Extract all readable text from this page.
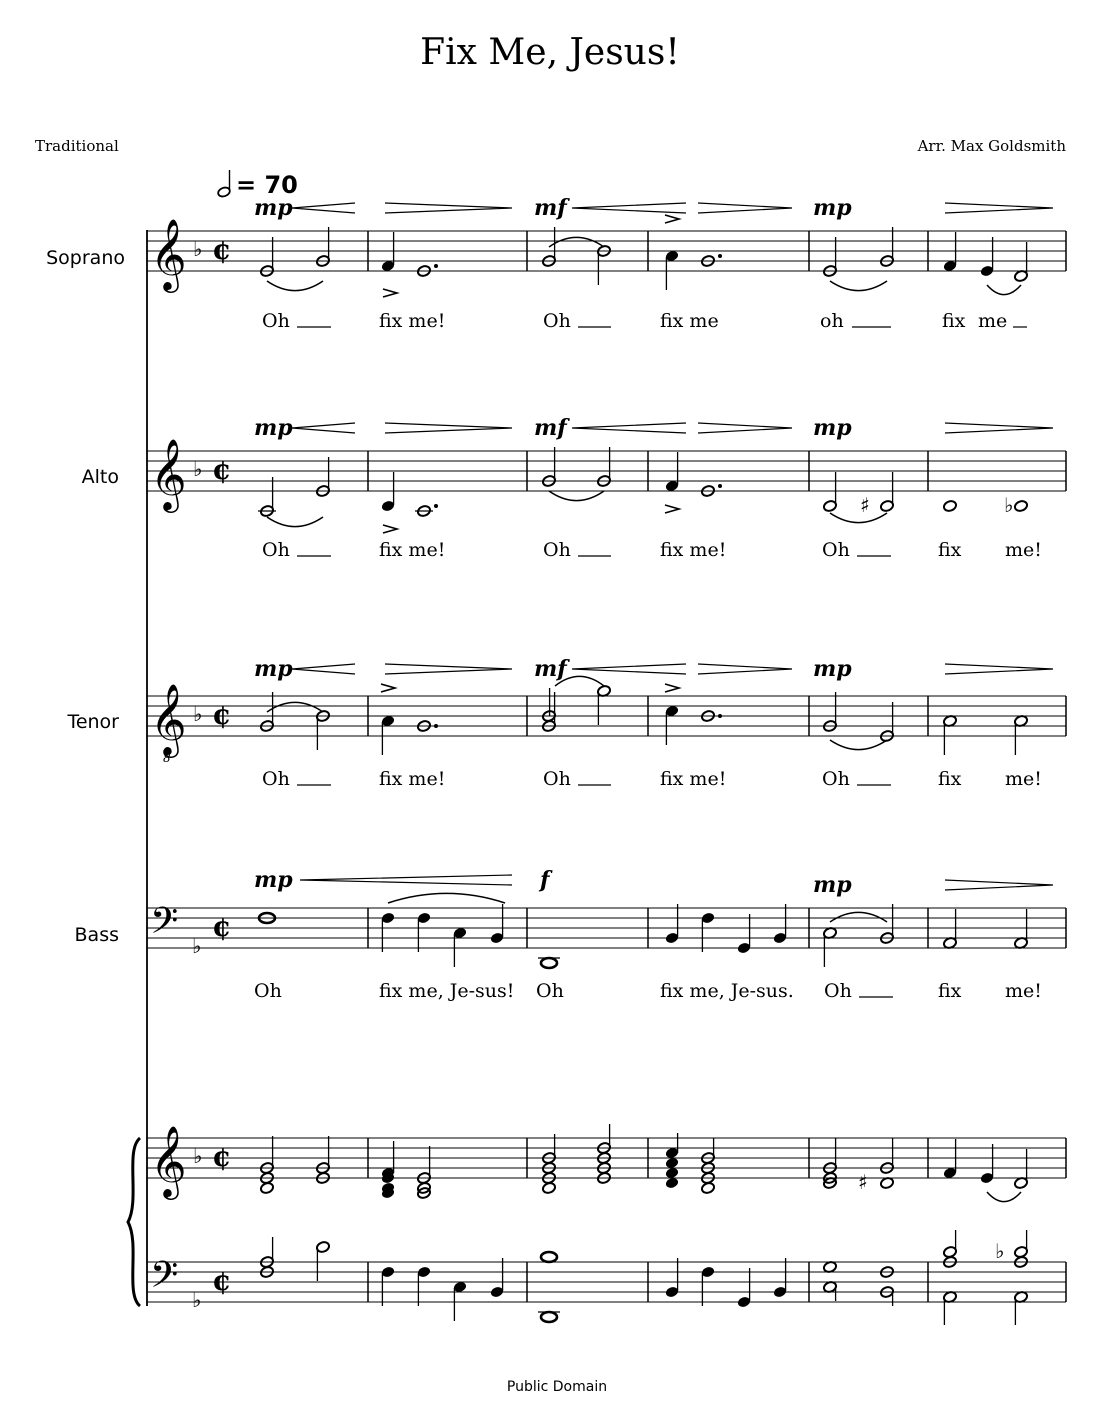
Fix Me, Jesus!
Traditional	Arr. Max Goldsmith
= 70
Soprano
Alto
Tenor
Bass
𝄞 ♭ ¢
mp	mf	mp
Oh	fix me!	Oh	fix me	oh	fix me
𝄞 ♭ ¢
mp	mf	mp
♯	♭
Oh	fix me!	Oh	fix me!	Oh	fix me!
𝄞
8
♭ ¢
mp	mf	mp
Oh	fix me!	Oh	fix me!	Oh	fix me!
𝄢 ♭
¢
mp	f	mp
Oh	fix me, Je-sus! Oh	fix me, Je-sus. Oh	fix me!
𝄞 ♭ ¢
♯
𝄢 ♭
¢
♭
Public Domain
